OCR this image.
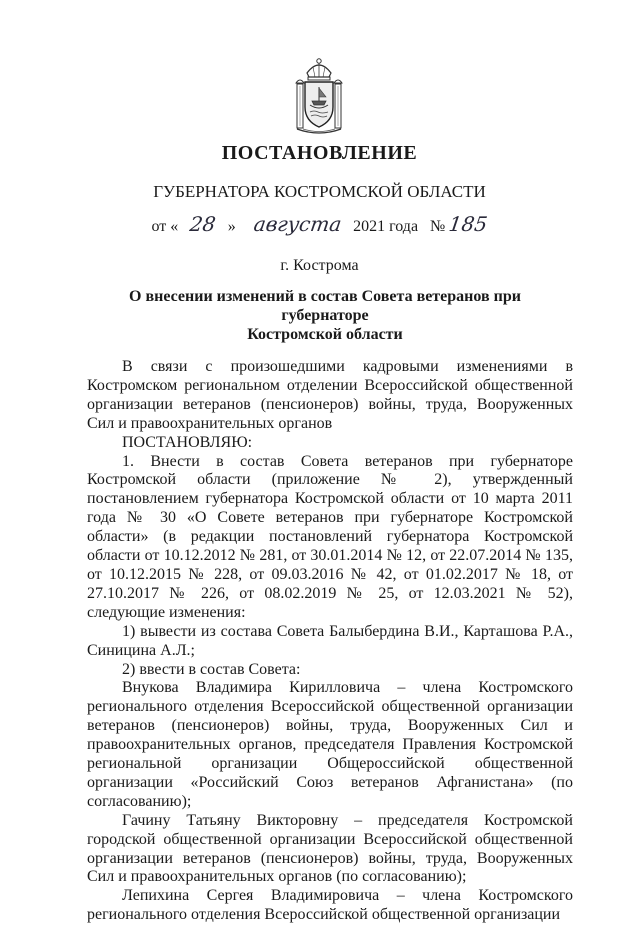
ПОСТАНОВЛЕНИЕ
ГУБЕРНАТОРА КОСТРОМСКОЙ ОБЛАСТИ
от « 28 » августа 2021 года № 185
г. Кострома
О внесении изменений в состав Совета ветеранов при губернаторе
Костромской области

В связи с произошедшими кадровыми изменениями в Костромском региональном отделении Всероссийской общественной организации ветеранов (пенсионеров) войны, труда, Вооруженных Сил и правоохранительных органов

ПОСТАНОВЛЯЮ:

1. Внести в состав Совета ветеранов при губернаторе Костромской области (приложение № 2), утвержденный постановлением губернатора Костромской области от 10 марта 2011 года № 30 «О Совете ветеранов при губернаторе Костромской области» (в редакции постановлений губернатора Костромской области от 10.12.2012 № 281, от 30.01.2014 № 12, от 22.07.2014 № 135, от 10.12.2015 № 228, от 09.03.2016 № 42, от 01.02.2017 № 18, от 27.10.2017 № 226, от 08.02.2019 № 25, от 12.03.2021 № 52), следующие изменения:

1) вывести из состава Совета Балыбердина В.И., Карташова Р.А., Синицина А.Л.;

2) ввести в состав Совета:

Внукова Владимира Кирилловича – члена Костромского регионального отделения Всероссийской общественной организации ветеранов (пенсионеров) войны, труда, Вооруженных Сил и правоохранительных органов, председателя Правления Костромской региональной организации Общероссийской общественной организации «Российский Союз ветеранов Афганистана» (по согласованию);

Гачину Татьяну Викторовну – председателя Костромской городской общественной организации Всероссийской общественной организации ветеранов (пенсионеров) войны, труда, Вооруженных Сил и правоохранительных органов (по согласованию);

Лепихина Сергея Владимировича – члена Костромского регионального отделения Всероссийской общественной организации
